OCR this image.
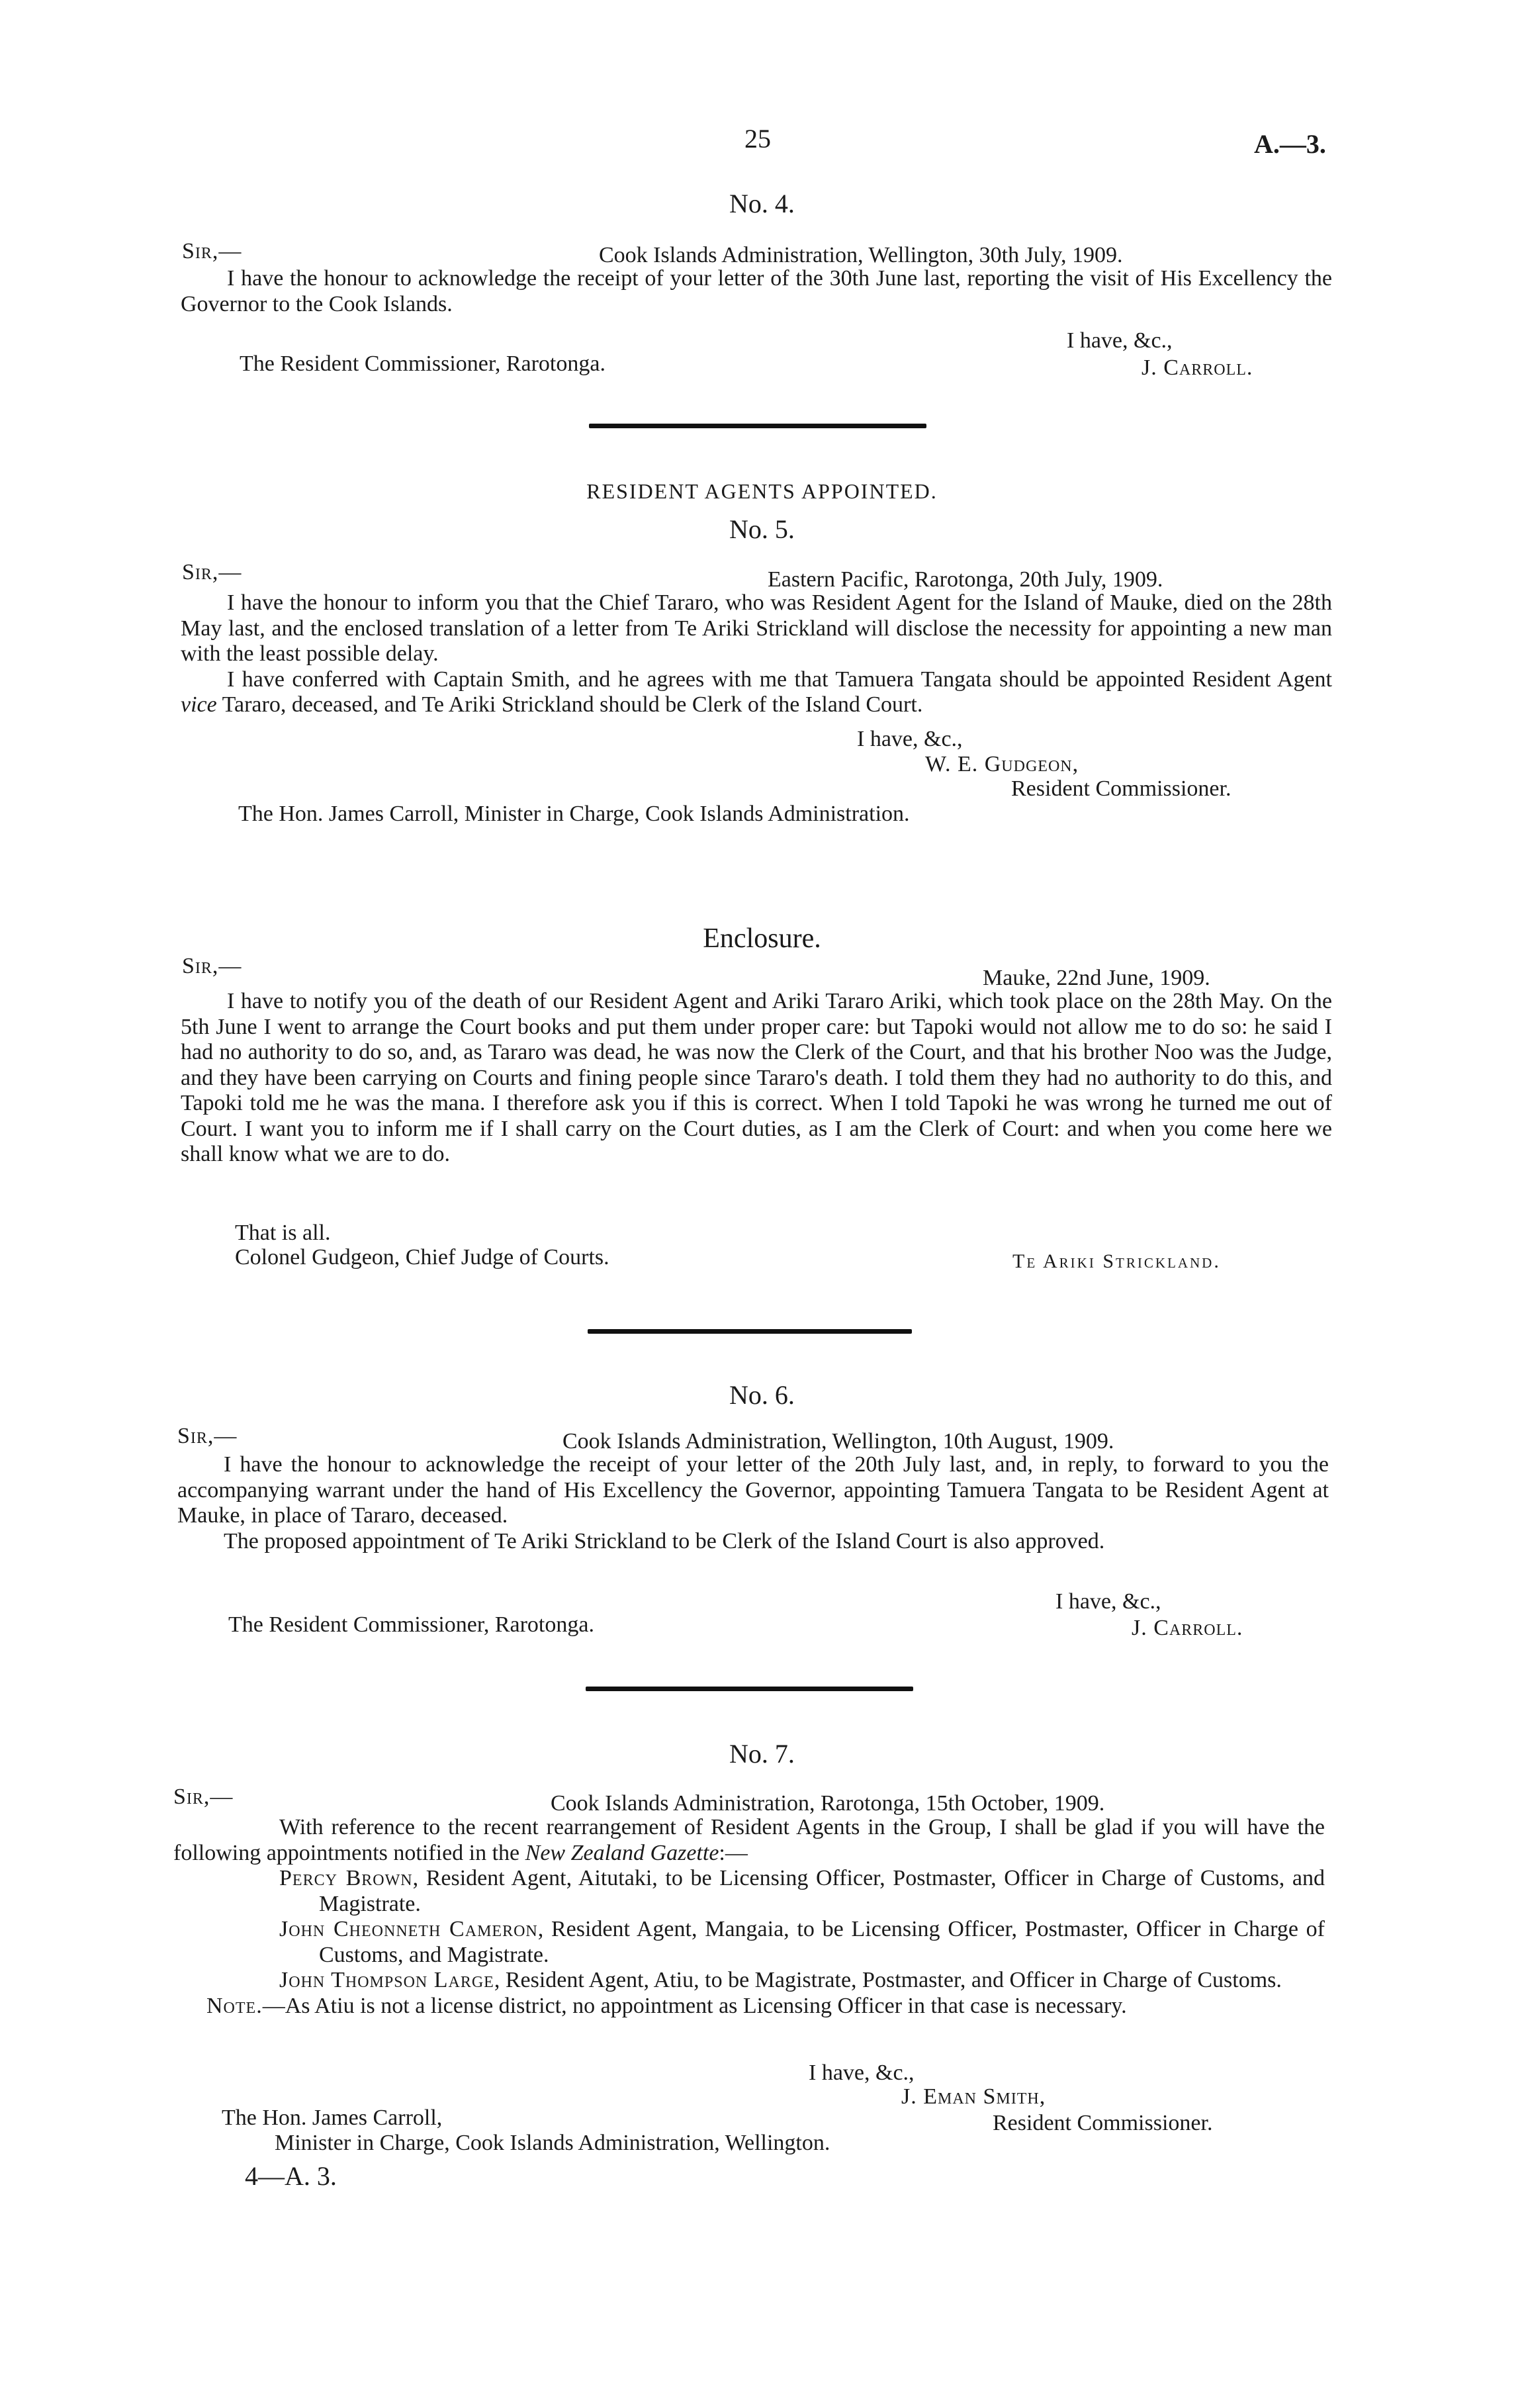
25	A.—3.
No. 4.
Sir,—	Cook Islands Administration, Wellington, 30th July, 1909.

I have the honour to acknowledge the receipt of your letter of the 30th June last, reporting the visit of His Excellency the Governor to the Cook Islands.

I have, &c.,
The Resident Commissioner, Rarotonga.	J. Carroll.
RESIDENT AGENTS APPOINTED.
No. 5.
Sir,—	Eastern Pacific, Rarotonga, 20th July, 1909.

I have the honour to inform you that the Chief Tararo, who was Resident Agent for the Island of Mauke, died on the 28th May last, and the enclosed translation of a letter from Te Ariki Strickland will disclose the necessity for appointing a new man with the least possible delay.

I have conferred with Captain Smith, and he agrees with me that Tamuera Tangata should be appointed Resident Agent vice Tararo, deceased, and Te Ariki Strickland should be Clerk of the Island Court.

I have, &c.,
W. E. Gudgeon,
Resident Commissioner.
The Hon. James Carroll, Minister in Charge, Cook Islands Administration.
Enclosure.
Sir,—	Mauke, 22nd June, 1909.

I have to notify you of the death of our Resident Agent and Ariki Tararo Ariki, which took place on the 28th May. On the 5th June I went to arrange the Court books and put them under proper care: but Tapoki would not allow me to do so: he said I had no authority to do so, and, as Tararo was dead, he was now the Clerk of the Court, and that his brother Noo was the Judge, and they have been carrying on Courts and fining people since Tararo's death. I told them they had no authority to do this, and Tapoki told me he was the mana. I therefore ask you if this is correct. When I told Tapoki he was wrong he turned me out of Court. I want you to inform me if I shall carry on the Court duties, as I am the Clerk of Court: and when you come here we shall know what we are to do.

That is all.
Colonel Gudgeon, Chief Judge of Courts.	Te Ariki Strickland.
No. 6.
Sir,—	Cook Islands Administration, Wellington, 10th August, 1909.

I have the honour to acknowledge the receipt of your letter of the 20th July last, and, in reply, to forward to you the accompanying warrant under the hand of His Excellency the Governor, appointing Tamuera Tangata to be Resident Agent at Mauke, in place of Tararo, deceased.

The proposed appointment of Te Ariki Strickland to be Clerk of the Island Court is also approved.

I have, &c.,
The Resident Commissioner, Rarotonga.	J. Carroll.
No. 7.
Sir,—	Cook Islands Administration, Rarotonga, 15th October, 1909.

With reference to the recent rearrangement of Resident Agents in the Group, I shall be glad if you will have the following appointments notified in the New Zealand Gazette:—

Percy Brown, Resident Agent, Aitutaki, to be Licensing Officer, Postmaster, Officer in Charge of Customs, and Magistrate.

John Cheonneth Cameron, Resident Agent, Mangaia, to be Licensing Officer, Postmaster, Officer in Charge of Customs, and Magistrate.

John Thompson Large, Resident Agent, Atiu, to be Magistrate, Postmaster, and Officer in Charge of Customs.

Note.—As Atiu is not a license district, no appointment as Licensing Officer in that case is necessary.

I have, &c.,
J. Eman Smith,
The Hon. James Carroll,	Resident Commissioner.
Minister in Charge, Cook Islands Administration, Wellington.
4—A. 3.
